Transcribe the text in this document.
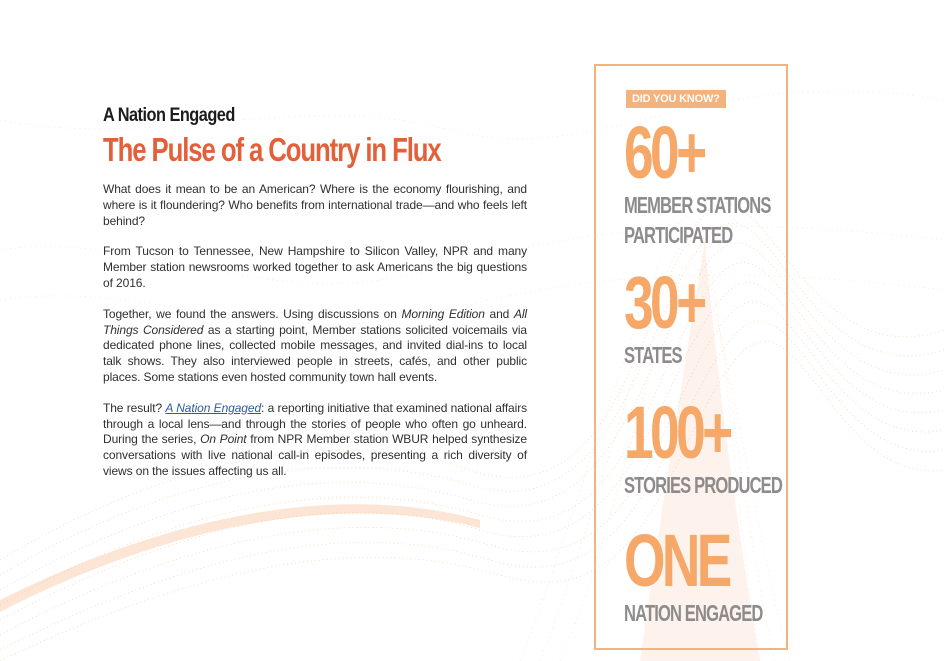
A Nation Engaged
The Pulse of a Country in Flux

What does it mean to be an American? Where is the economy flourishing, and where is it floundering? Who benefits from international trade—and who feels left behind?

From Tucson to Tennessee, New Hampshire to Silicon Valley, NPR and many Member station newsrooms worked together to ask Americans the big questions of 2016.

Together, we found the answers. Using discussions on Morning Edition and All Things Considered as a starting point, Member stations solicited voicemails via dedicated phone lines, collected mobile messages, and invited dial-ins to local talk shows. They also interviewed people in streets, cafés, and other public places. Some stations even hosted community town hall events.

The result? A Nation Engaged: a reporting initiative that examined national affairs through a local lens—and through the stories of people who often go unheard. During the series, On Point from NPR Member station WBUR helped synthesize conversations with live national call-in episodes, presenting a rich diversity of views on the issues affecting us all.

DID YOU KNOW?
60+
MEMBER STATIONS
PARTICIPATED
30+
STATES
100+
STORIES PRODUCED
ONE
NATION ENGAGED
